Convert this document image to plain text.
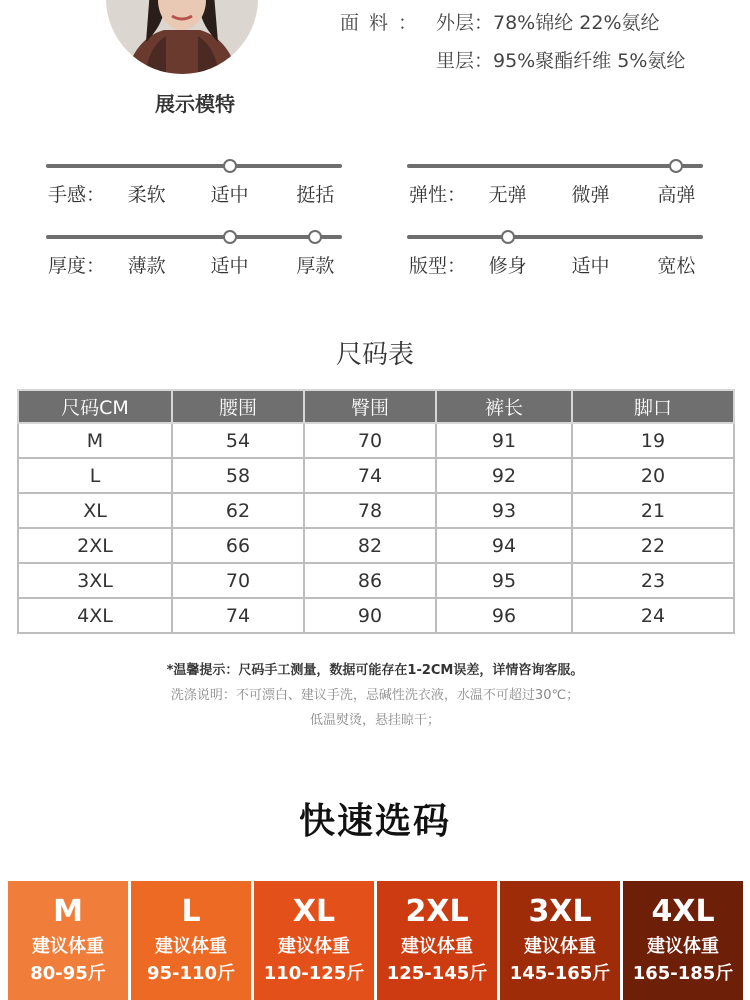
展示模特
面料： 外层：78%锦纶 22%氨纶
里层：95%聚酯纤维 5%氨纶
手感： 柔软 适中	挺括	弹性： 无弹 微弹	高弹
厚度： 薄款 适中	厚款	版型： 修身 适中	宽松
尺码表
尺码CM	腰围	臀围	裤长	脚口
M	54	70	91	19
L	58	74	92	20
XL	62	78	93	21
2XL	66	82	94	22
3XL	70	86	95	23
4XL	74	90	96	24
*温馨提示：尺码手工测量，数据可能存在1-2CM误差，详情咨询客服。
洗涤说明：不可漂白、建议手洗，忌碱性洗衣液，水温不可超过30℃；
低温熨烫，悬挂晾干；
快速选码
M
建议体重
80-95斤
L
建议体重
95-110斤
XL
建议体重
110-125斤
2XL
建议体重
125-145斤
3XL
建议体重
145-165斤
4XL
建议体重
165-185斤
